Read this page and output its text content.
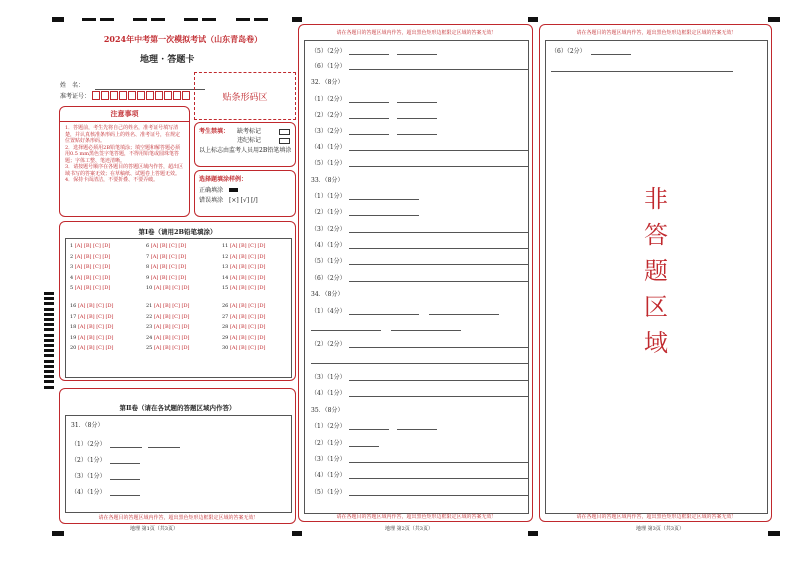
2024年中考第一次模拟考试（山东青岛卷）
地理 · 答题卡
姓　名：
准考证号：	贴条形码区
注意事项
1．答题前，考生先将自己的姓名，准考证号填写清楚，并认真核准条形码上的姓名、准考证号，在规定位置贴好条形码。
2．选择题必须用2B铅笔填涂；填空题和解答题必须用0.5 mm黑色签字笔答题，不得用铅笔或圆珠笔答题；字体工整、笔迹清晰。
3．请按题号顺序在各题目的答题区域内作答，超出区域书写的答案无效；在草稿纸、试题卷上答题无效。
4．保持卡面清洁，不要折叠、不要弄破。
考生禁填： 缺考标记
违纪标记
以上标志由监考人员用2B铅笔填涂
选择题填涂样例：
正确填涂
错误填涂 [×] [√] [/]
第Ⅰ卷（请用2B铅笔填涂）
1 [A] [B] [C] [D]	6 [A] [B] [C] [D]	11 [A] [B] [C] [D]
2 [A] [B] [C] [D]	7 [A] [B] [C] [D]	12 [A] [B] [C] [D]
3 [A] [B] [C] [D]	8 [A] [B] [C] [D]	13 [A] [B] [C] [D]
4 [A] [B] [C] [D]	9 [A] [B] [C] [D]	14 [A] [B] [C] [D]
5 [A] [B] [C] [D]	10 [A] [B] [C] [D]	15 [A] [B] [C] [D]
16 [A] [B] [C] [D]	21 [A] [B] [C] [D]	26 [A] [B] [C] [D]
17 [A] [B] [C] [D]	22 [A] [B] [C] [D]	27 [A] [B] [C] [D]
18 [A] [B] [C] [D]	23 [A] [B] [C] [D]	28 [A] [B] [C] [D]
19 [A] [B] [C] [D]	24 [A] [B] [C] [D]	29 [A] [B] [C] [D]
20 [A] [B] [C] [D]	25 [A] [B] [C] [D]	30 [A] [B] [C] [D]
第Ⅱ卷（请在各试题的答题区域内作答）
31．（8分）
（1）（2分）
（2）（1分）
（3）（1分）
（4）（1分）
请在各题目的答题区域内作答，超出黑色矩形边框限定区域的答案无效！
地理 第1页（共3页）
请在各题目的答题区域内作答，超出黑色矩形边框限定区域的答案无效！
（5）（2分）
（6）（1分）
32．（8分）
（1）（2分）
（2）（2分）
（3）（2分）
（4）（1分）
（5）（1分）
33．（8分）
（1）（1分）
（2）（1分）
（3）（2分）
（4）（1分）
（5）（1分）
（6）（2分）
34．（8分）
（1）（4分）
（2）（2分）
（3）（1分）
（4）（1分）
35．（8分）
（1）（2分）
（2）（1分）
（3）（1分）
（4）（1分）
（5）（1分）
请在各题目的答题区域内作答，超出黑色矩形边框限定区域的答案无效！
地理 第2页（共3页）
请在各题目的答题区域内作答，超出黑色矩形边框限定区域的答案无效！
（6）（2分）
非
答
题
区
域
请在各题目的答题区域内作答，超出黑色矩形边框限定区域的答案无效！
地理 第3页（共3页）
